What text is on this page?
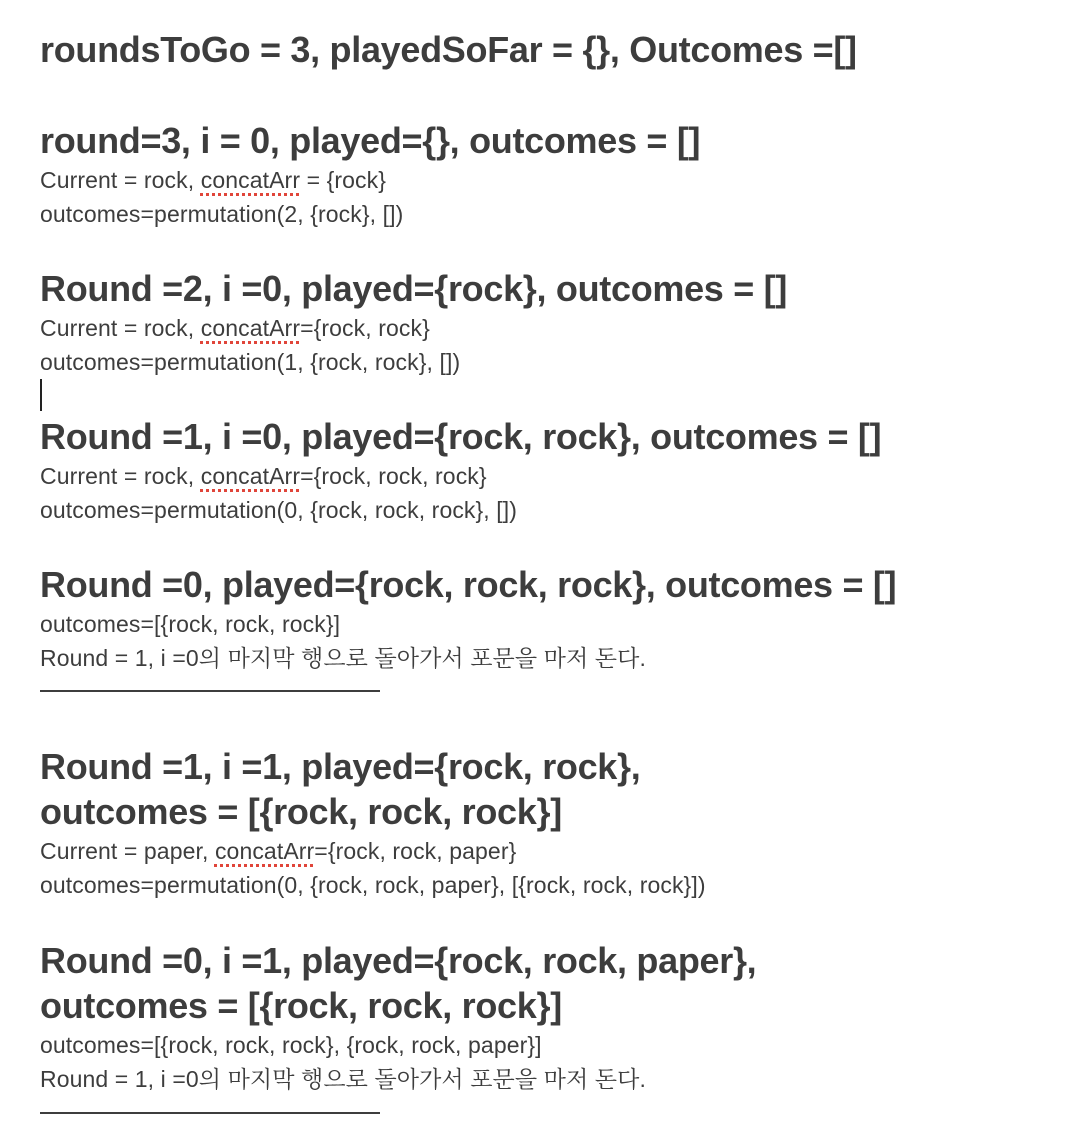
roundsToGo = 3, playedSoFar = {}, Outcomes =[]

round=3, i = 0, played={}, outcomes = []

Current = rock, concatArr = {rock}

outcomes=permutation(2, {rock}, [])

Round =2, i =0, played={rock}, outcomes = []

Current = rock, concatArr={rock, rock}

outcomes=permutation(1, {rock, rock}, [])

Round =1, i =0, played={rock, rock}, outcomes = []

Current = rock, concatArr={rock, rock, rock}

outcomes=permutation(0, {rock, rock, rock}, [])

Round =0, played={rock, rock, rock}, outcomes = []

outcomes=[{rock, rock, rock}]

Round = 1, i =0의 마지막 행으로 돌아가서 포문을 마저 돈다.

Round =1, i =1, played={rock, rock},

outcomes = [{rock, rock, rock}]

Current = paper, concatArr={rock, rock, paper}

outcomes=permutation(0, {rock, rock, paper}, [{rock, rock, rock}])

Round =0, i =1, played={rock, rock, paper},

outcomes = [{rock, rock, rock}]

outcomes=[{rock, rock, rock}, {rock, rock, paper}]

Round = 1, i =0의 마지막 행으로 돌아가서 포문을 마저 돈다.
